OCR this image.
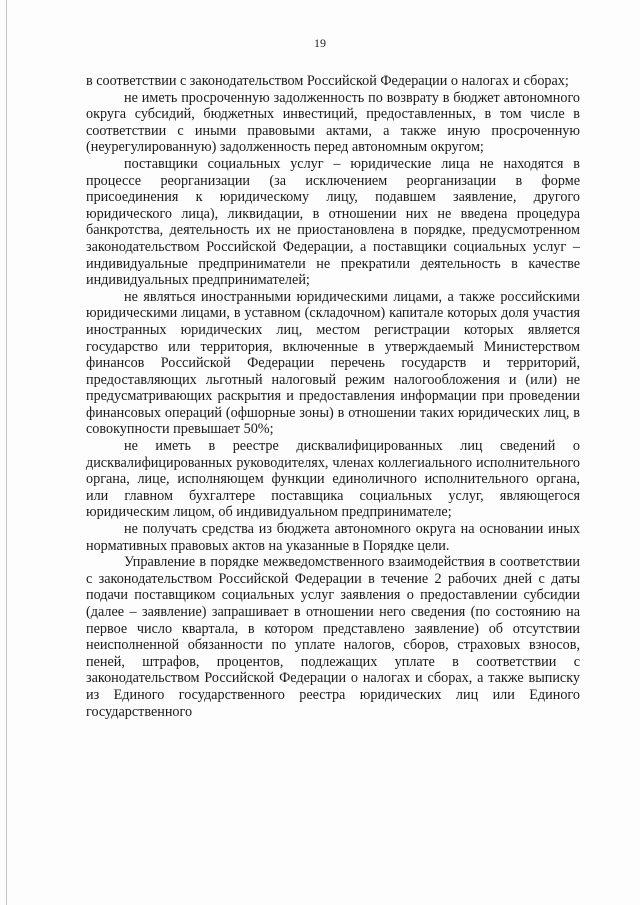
19

в соответствии с законодательством Российской Федерации о налогах и сборах;

не иметь просроченную задолженность по возврату в бюджет автономного округа субсидий, бюджетных инвестиций, предоставленных, в том числе в соответствии с иными правовыми актами, а также иную просроченную (неурегулированную) задолженность перед автономным округом;

поставщики социальных услуг – юридические лица не находятся в процессе реорганизации (за исключением реорганизации в форме присоединения к юридическому лицу, подавшем заявление, другого юридического лица), ликвидации, в отношении них не введена процедура банкротства, деятельность их не приостановлена в порядке, предусмотренном законодательством Российской Федерации, а поставщики социальных услуг – индивидуальные предприниматели не прекратили деятельность в качестве индивидуальных предпринимателей;

не являться иностранными юридическими лицами, а также российскими юридическими лицами, в уставном (складочном) капитале которых доля участия иностранных юридических лиц, местом регистрации которых является государство или территория, включенные в утверждаемый Министерством финансов Российской Федерации перечень государств и территорий, предоставляющих льготный налоговый режим налогообложения и (или) не предусматривающих раскрытия и предоставления информации при проведении финансовых операций (офшорные зоны) в отношении таких юридических лиц, в совокупности превышает 50%;

не иметь в реестре дисквалифицированных лиц сведений о дисквалифицированных руководителях, членах коллегиального исполнительного органа, лице, исполняющем функции единоличного исполнительного органа, или главном бухгалтере поставщика социальных услуг, являющегося юридическим лицом, об индивидуальном предпринимателе;

не получать средства из бюджета автономного округа на основании иных нормативных правовых актов на указанные в Порядке цели.

Управление в порядке межведомственного взаимодействия в соответствии с законодательством Российской Федерации в течение 2 рабочих дней с даты подачи поставщиком социальных услуг заявления о предоставлении субсидии (далее – заявление) запрашивает в отношении него сведения (по состоянию на первое число квартала, в котором представлено заявление) об отсутствии неисполненной обязанности по уплате налогов, сборов, страховых взносов, пеней, штрафов, процентов, подлежащих уплате в соответствии с законодательством Российской Федерации о налогах и сборах, а также выписку из Единого государственного реестра юридических лиц или Единого государственного
